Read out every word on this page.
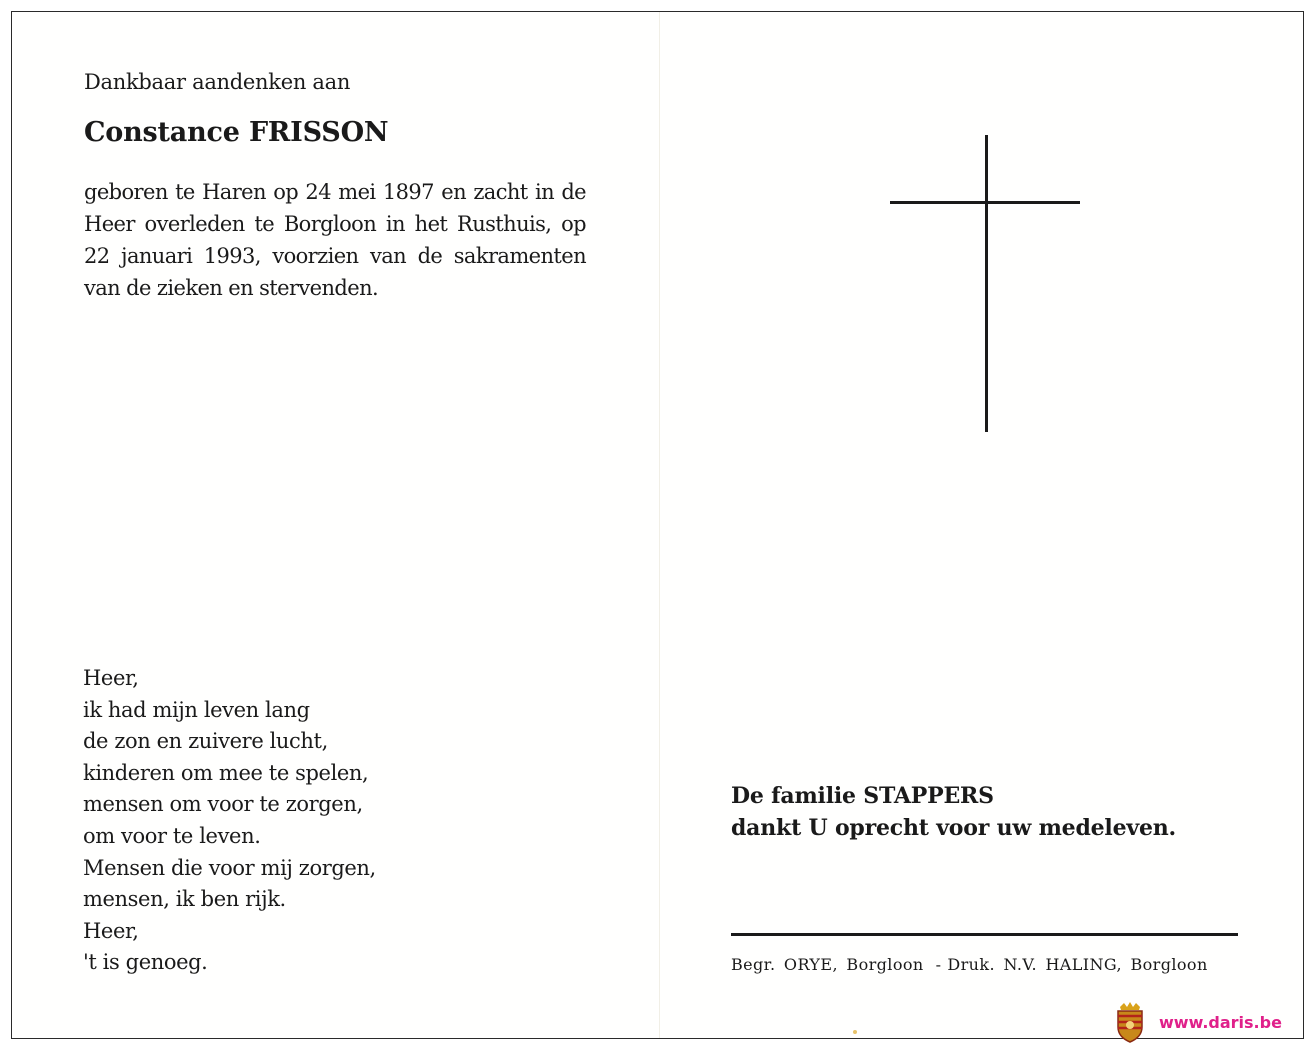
Dankbaar aandenken aan
Constance FRISSON

geboren te Haren op 24 mei 1897 en zacht in de Heer overleden te Borgloon in het Rusthuis, op 22 januari 1993, voorzien van de sakramenten van de zieken en stervenden.

Heer,
ik had mijn leven lang
de zon en zuivere lucht,
kinderen om mee te spelen,
mensen om voor te zorgen,
om voor te leven.
Mensen die voor mij zorgen,
mensen, ik ben rijk.
Heer,
't is genoeg.
De familie STAPPERS
dankt U oprecht voor uw medeleven.
Begr. ORYE, Borgloon - Druk. N.V. HALING, Borgloon
www.daris.be
